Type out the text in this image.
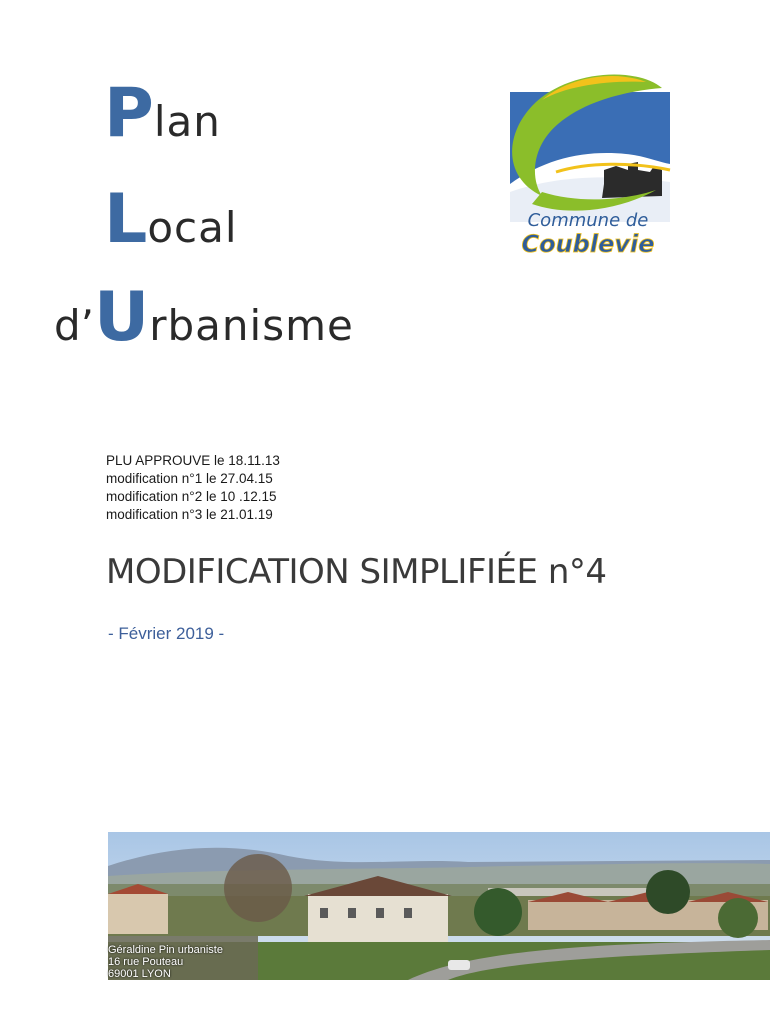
P lan
L ocal
d’ U rbanisme
Commune de
Coublevie
PLU APPROUVE le 18.11.13
modification n°1 le 27.04.15
modification n°2 le 10 .12.15
modification n°3 le 21.01.19
MODIFICATION SIMPLIFIÉE n°4
- Février 2019 -
Géraldine Pin urbaniste
16 rue Pouteau
69001 LYON
